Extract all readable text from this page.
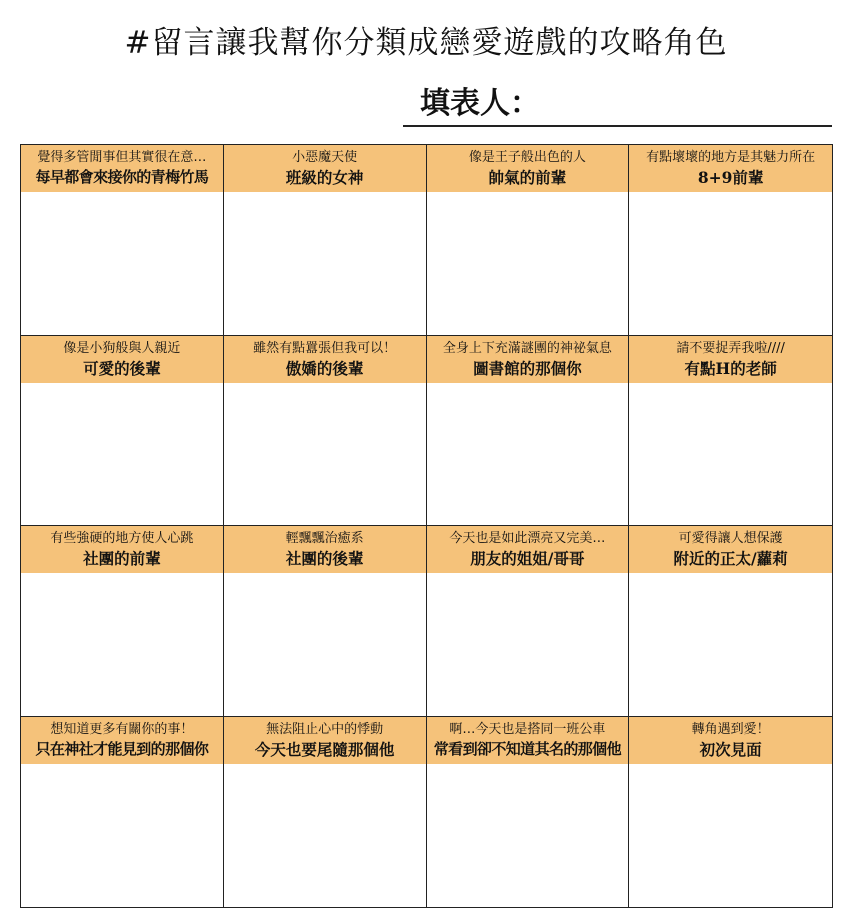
#留言讓我幫你分類成戀愛遊戲的攻略角色
填表人：
覺得多管閒事但其實很在意…
每早都會來接你的青梅竹馬
小惡魔天使
班級的女神
像是王子般出色的人
帥氣的前輩
有點壞壞的地方是其魅力所在
8+9前輩
像是小狗般與人親近
可愛的後輩
雖然有點囂張但我可以！
傲嬌的後輩
全身上下充滿謎團的神祕氣息
圖書館的那個你
請不要捉弄我啦////
有點H的老師
有些強硬的地方使人心跳
社團的前輩
輕飄飄治癒系
社團的後輩
今天也是如此漂亮又完美…
朋友的姐姐/哥哥
可愛得讓人想保護
附近的正太/蘿莉
想知道更多有關你的事！
只在神社才能見到的那個你
無法阻止心中的悸動
今天也要尾隨那個他
啊…今天也是搭同一班公車
常看到卻不知道其名的那個他
轉角遇到愛！
初次見面
